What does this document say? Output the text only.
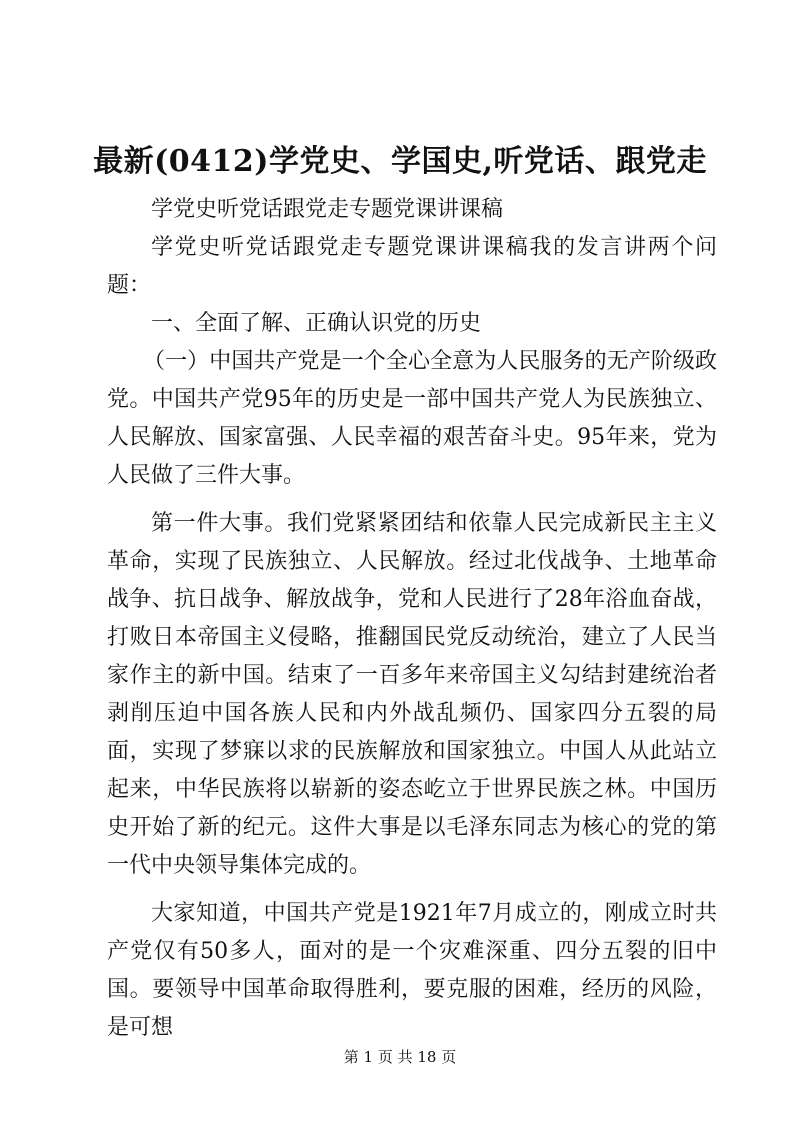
最新(0412)学党史、学国史,听党话、跟党走

学党史听党话跟党走专题党课讲课稿

学党史听党话跟党走专题党课讲课稿我的发言讲两个问题：

一、全面了解、正确认识党的历史

（一）中国共产党是一个全心全意为人民服务的无产阶级政党。中国共产党95年的历史是一部中国共产党人为民族独立、人民解放、国家富强、人民幸福的艰苦奋斗史。95年来，党为人民做了三件大事。

第一件大事。我们党紧紧团结和依靠人民完成新民主主义革命，实现了民族独立、人民解放。经过北伐战争、土地革命战争、抗日战争、解放战争，党和人民进行了28年浴血奋战，打败日本帝国主义侵略，推翻国民党反动统治，建立了人民当家作主的新中国。结束了一百多年来帝国主义勾结封建统治者剥削压迫中国各族人民和内外战乱频仍、国家四分五裂的局面，实现了梦寐以求的民族解放和国家独立。中国人从此站立起来，中华民族将以崭新的姿态屹立于世界民族之林。中国历史开始了新的纪元。这件大事是以毛泽东同志为核心的党的第一代中央领导集体完成的。

大家知道，中国共产党是1921年7月成立的，刚成立时共产党仅有50多人，面对的是一个灾难深重、四分五裂的旧中国。要领导中国革命取得胜利，要克服的困难，经历的风险，是可想

第 1 页 共 18 页
